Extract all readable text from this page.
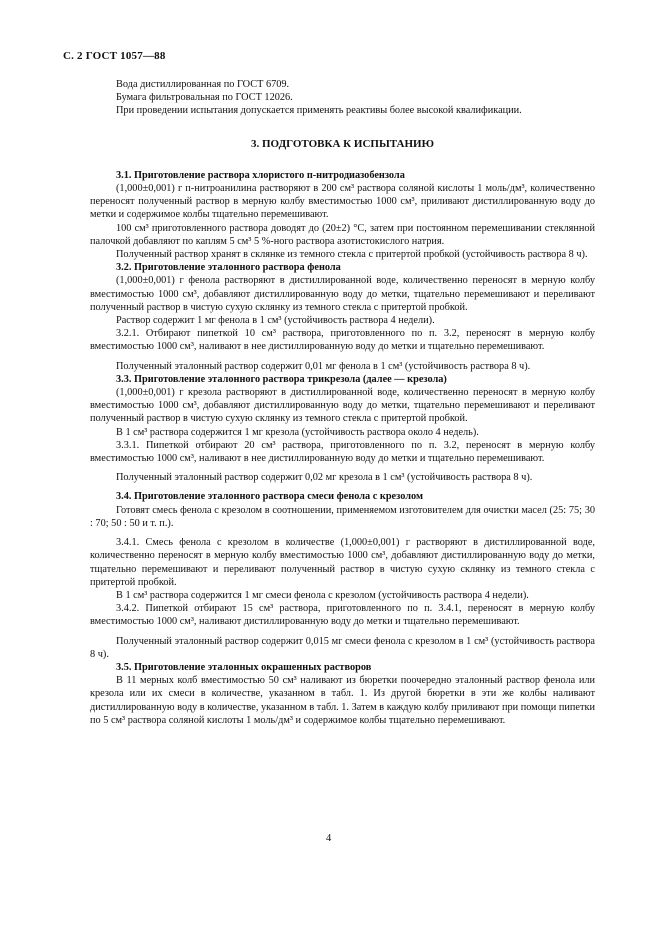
С. 2 ГОСТ 1057—88

Вода дистиллированная по ГОСТ 6709.

Бумага фильтровальная по ГОСТ 12026.

При проведении испытания допускается применять реактивы более высокой квалификации.

3. ПОДГОТОВКА К ИСПЫТАНИЮ

3.1. Приготовление раствора хлористого п-нитродиазобензола

(1,000±0,001) г п-нитроанилина растворяют в 200 см³ раствора соляной кислоты 1 моль/дм³, количественно переносят полученный раствор в мерную колбу вместимостью 1000 см³, приливают дистиллированную воду до метки и содержимое колбы тщательно перемешивают.

100 см³ приготовленного раствора доводят до (20±2) °С, затем при постоянном перемешивании стеклянной палочкой добавляют по каплям 5 см³ 5 %-ного раствора азотистокислого натрия.

Полученный раствор хранят в склянке из темного стекла с притертой пробкой (устойчивость раствора 8 ч).

3.2. Приготовление эталонного раствора фенола

(1,000±0,001) г фенола растворяют в дистиллированной воде, количественно переносят в мерную колбу вместимостью 1000 см³, добавляют дистиллированную воду до метки, тщательно перемешивают и переливают полученный раствор в чистую сухую склянку из темного стекла с притертой пробкой.

Раствор содержит 1 мг фенола в 1 см³ (устойчивость раствора 4 недели).

3.2.1. Отбирают пипеткой 10 см³ раствора, приготовленного по п. 3.2, переносят в мерную колбу вместимостью 1000 см³, наливают в нее дистиллированную воду до метки и тщательно перемешивают.

Полученный эталонный раствор содержит 0,01 мг фенола в 1 см³ (устойчивость раствора 8 ч).

3.3. Приготовление эталонного раствора трикрезола (далее — крезола)

(1,000±0,001) г крезола растворяют в дистиллированной воде, количественно переносят в мерную колбу вместимостью 1000 см³, добавляют дистиллированную воду до метки, тщательно перемешивают и переливают полученный раствор в чистую сухую склянку из темного стекла с притертой пробкой.

В 1 см³ раствора содержится 1 мг крезола (устойчивость раствора около 4 недель).

3.3.1. Пипеткой отбирают 20 см³ раствора, приготовленного по п. 3.2, переносят в мерную колбу вместимостью 1000 см³, наливают в нее дистиллированную воду до метки и тщательно перемешивают.

Полученный эталонный раствор содержит 0,02 мг крезола в 1 см³ (устойчивость раствора 8 ч).

3.4. Приготовление эталонного раствора смеси фенола с крезолом

Готовят смесь фенола с крезолом в соотношении, применяемом изготовителем для очистки масел (25: 75; 30 : 70; 50 : 50 и т. п.).

3.4.1. Смесь фенола с крезолом в количестве (1,000±0,001) г растворяют в дистиллированной воде, количественно переносят в мерную колбу вместимостью 1000 см³, добавляют дистиллированную воду до метки, тщательно перемешивают и переливают полученный раствор в чистую сухую склянку из темного стекла с притертой пробкой.

В 1 см³ раствора содержится 1 мг смеси фенола с крезолом (устойчивость раствора 4 недели).

3.4.2. Пипеткой отбирают 15 см³ раствора, приготовленного по п. 3.4.1, переносят в мерную колбу вместимостью 1000 см³, наливают дистиллированную воду до метки и тщательно перемешивают.

Полученный эталонный раствор содержит 0,015 мг смеси фенола с крезолом в 1 см³ (устойчивость раствора 8 ч).

3.5. Приготовление эталонных окрашенных растворов

В 11 мерных колб вместимостью 50 см³ наливают из бюретки поочередно эталонный раствор фенола или крезола или их смеси в количестве, указанном в табл. 1. Из другой бюретки в эти же колбы наливают дистиллированную воду в количестве, указанном в табл. 1. Затем в каждую колбу приливают при помощи пипетки по 5 см³ раствора соляной кислоты 1 моль/дм³ и содержимое колбы тщательно перемешивают.

4
